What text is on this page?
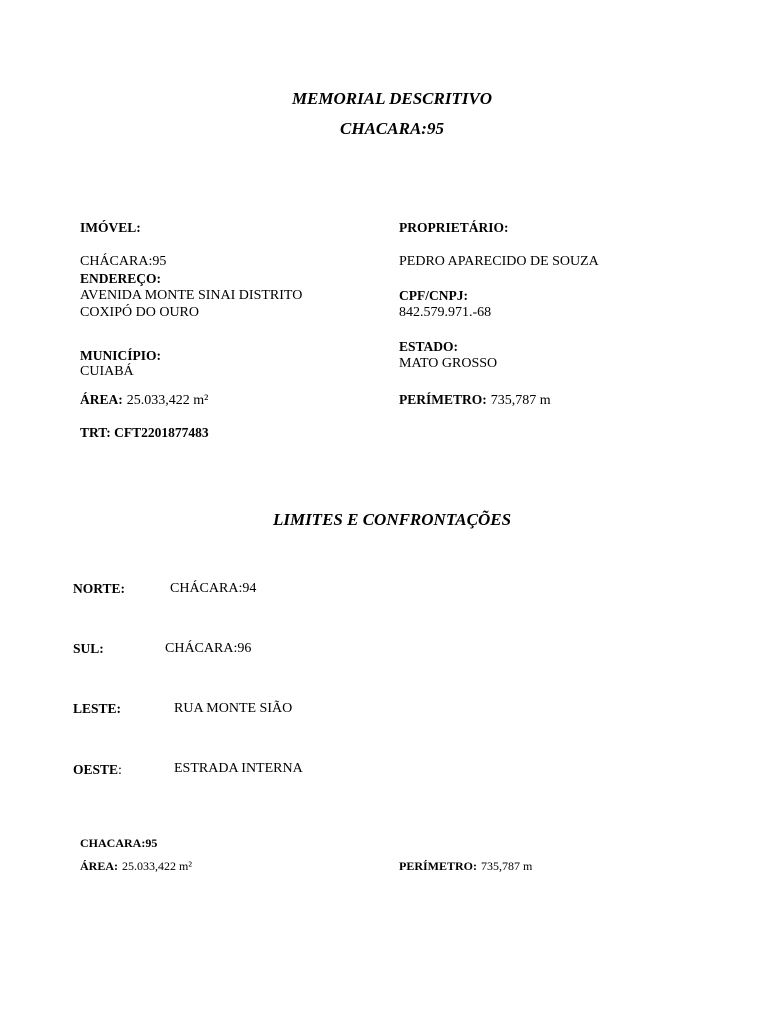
MEMORIAL DESCRITIVO
CHACARA:95
IMÓVEL:
CHÁCARA:95
ENDEREÇO:
AVENIDA MONTE SINAI DISTRITO
COXIPÓ DO OURO
MUNICÍPIO:
CUIABÁ
ÁREA: 25.033,422 m²
TRT: CFT2201877483
PROPRIETÁRIO:
PEDRO APARECIDO DE SOUZA
CPF/CNPJ:
842.579.971.-68
ESTADO:
MATO GROSSO
PERÍMETRO: 735,787 m
LIMITES E CONFRONTAÇÕES
NORTE:	CHÁCARA:94
SUL:	CHÁCARA:96
LESTE:	RUA MONTE SIÃO
OESTE:	ESTRADA INTERNA
CHACARA:95
ÁREA: 25.033,422 m²	PERÍMETRO: 735,787 m
